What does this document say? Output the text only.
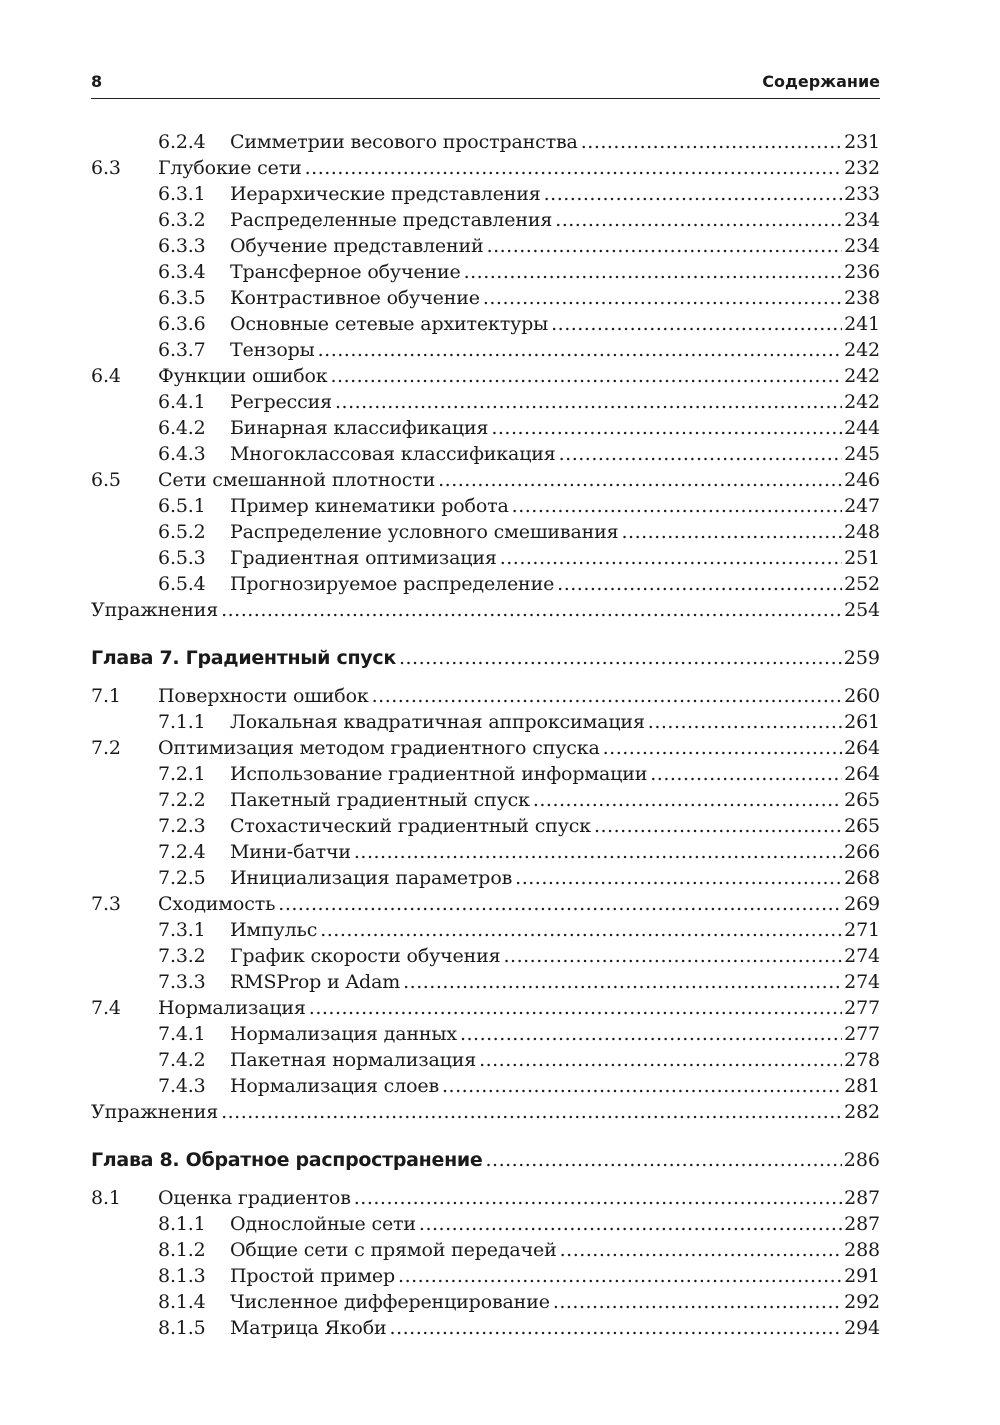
8	Содержание
6.2.4	Симметрии весового пространства .....	231
6.3	Глубокие сети .....	232
6.3.1	Иерархические представления .....	233
6.3.2	Распределенные представления .....	234
6.3.3	Обучение представлений .....	234
6.3.4	Трансферное обучение .....	236
6.3.5	Контрастивное обучение .....	238
6.3.6	Основные сетевые архитектуры .....	241
6.3.7	Тензоры .....	242
6.4	Функции ошибок .....	242
6.4.1	Регрессия .....	242
6.4.2	Бинарная классификация .....	244
6.4.3	Многоклассовая классификация .....	245
6.5	Сети смешанной плотности .....	246
6.5.1	Пример кинематики робота .....	247
6.5.2	Распределение условного смешивания .....	248
6.5.3	Градиентная оптимизация .....	251
6.5.4	Прогнозируемое распределение .....	252
Упражнения .....	254
Глава 7. Градиентный спуск .....	259
7.1	Поверхности ошибок .....	260
7.1.1	Локальная квадратичная аппроксимация .....	261
7.2	Оптимизация методом градиентного спуска .....	264
7.2.1	Использование градиентной информации .....	264
7.2.2	Пакетный градиентный спуск .....	265
7.2.3	Стохастический градиентный спуск .....	265
7.2.4	Мини-батчи .....	266
7.2.5	Инициализация параметров .....	268
7.3	Сходимость .....	269
7.3.1	Импульс .....	271
7.3.2	График скорости обучения .....	274
7.3.3	RMSProp и Adam .....	274
7.4	Нормализация .....	277
7.4.1	Нормализация данных .....	277
7.4.2	Пакетная нормализация .....	278
7.4.3	Нормализация слоев .....	281
Упражнения .....	282
Глава 8. Обратное распространение .....	286
8.1	Оценка градиентов .....	287
8.1.1	Однослойные сети .....	287
8.1.2	Общие сети с прямой передачей .....	288
8.1.3	Простой пример .....	291
8.1.4	Численное дифференцирование .....	292
8.1.5	Матрица Якоби .....	294
